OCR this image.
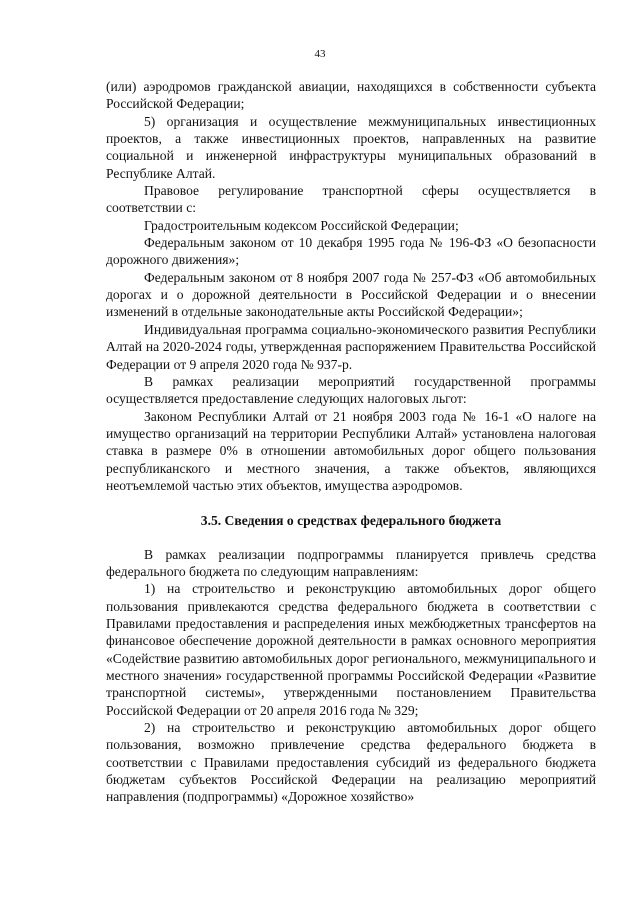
43

(или) аэродромов гражданской авиации, находящихся в собственности субъекта Российской Федерации;

5) организация и осуществление межмуниципальных инвестиционных проектов, а также инвестиционных проектов, направленных на развитие социальной и инженерной инфраструктуры муниципальных образований в Республике Алтай.

Правовое регулирование транспортной сферы осуществляется в соответствии с:

Градостроительным кодексом Российской Федерации;

Федеральным законом от 10 декабря 1995 года № 196-ФЗ «О безопасности дорожного движения»;

Федеральным законом от 8 ноября 2007 года № 257-ФЗ «Об автомобильных дорогах и о дорожной деятельности в Российской Федерации и о внесении изменений в отдельные законодательные акты Российской Федерации»;

Индивидуальная программа социально-экономического развития Республики Алтай на 2020-2024 годы, утвержденная распоряжением Правительства Российской Федерации от 9 апреля 2020 года № 937-р.

В рамках реализации мероприятий государственной программы осуществляется предоставление следующих налоговых льгот:

Законом Республики Алтай от 21 ноября 2003 года № 16-1 «О налоге на имущество организаций на территории Республики Алтай» установлена налоговая ставка в размере 0% в отношении автомобильных дорог общего пользования республиканского и местного значения, а также объектов, являющихся неотъемлемой частью этих объектов, имущества аэродромов.

3.5. Сведения о средствах федерального бюджета

В рамках реализации подпрограммы планируется привлечь средства федерального бюджета по следующим направлениям:

1) на строительство и реконструкцию автомобильных дорог общего пользования привлекаются средства федерального бюджета в соответствии с Правилами предоставления и распределения иных межбюджетных трансфертов на финансовое обеспечение дорожной деятельности в рамках основного мероприятия «Содействие развитию автомобильных дорог регионального, межмуниципального и местного значения» государственной программы Российской Федерации «Развитие транспортной системы», утвержденными постановлением Правительства Российской Федерации от 20 апреля 2016 года № 329;

2) на строительство и реконструкцию автомобильных дорог общего пользования, возможно привлечение средства федерального бюджета в соответствии с Правилами предоставления субсидий из федерального бюджета бюджетам субъектов Российской Федерации на реализацию мероприятий направления (подпрограммы) «Дорожное хозяйство»
